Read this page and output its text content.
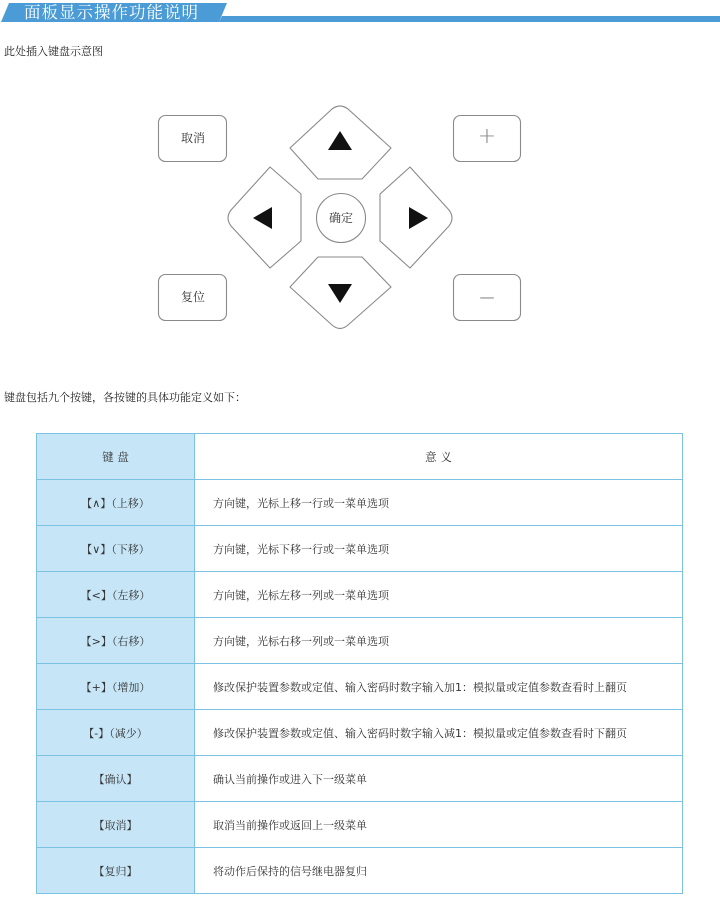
面板显示操作功能说明
此处插入键盘示意图
取消
复位
确定
+
—
键盘包括九个按键，各按键的具体功能定义如下：
键 盘	意 义
【∧】（上移）	方向键，光标上移一行或一菜单选项
【∨】（下移）	方向键，光标下移一行或一菜单选项
【<】（左移）	方向键，光标左移一列或一菜单选项
【>】（右移）	方向键，光标右移一列或一菜单选项
【+】（增加）	修改保护装置参数或定值、输入密码时数字输入加1：模拟量或定值参数查看时上翻页
【-】（减少）	修改保护装置参数或定值、输入密码时数字输入减1：模拟量或定值参数查看时下翻页
【确认】	确认当前操作或进入下一级菜单
【取消】	取消当前操作或返回上一级菜单
【复归】	将动作后保持的信号继电器复归
